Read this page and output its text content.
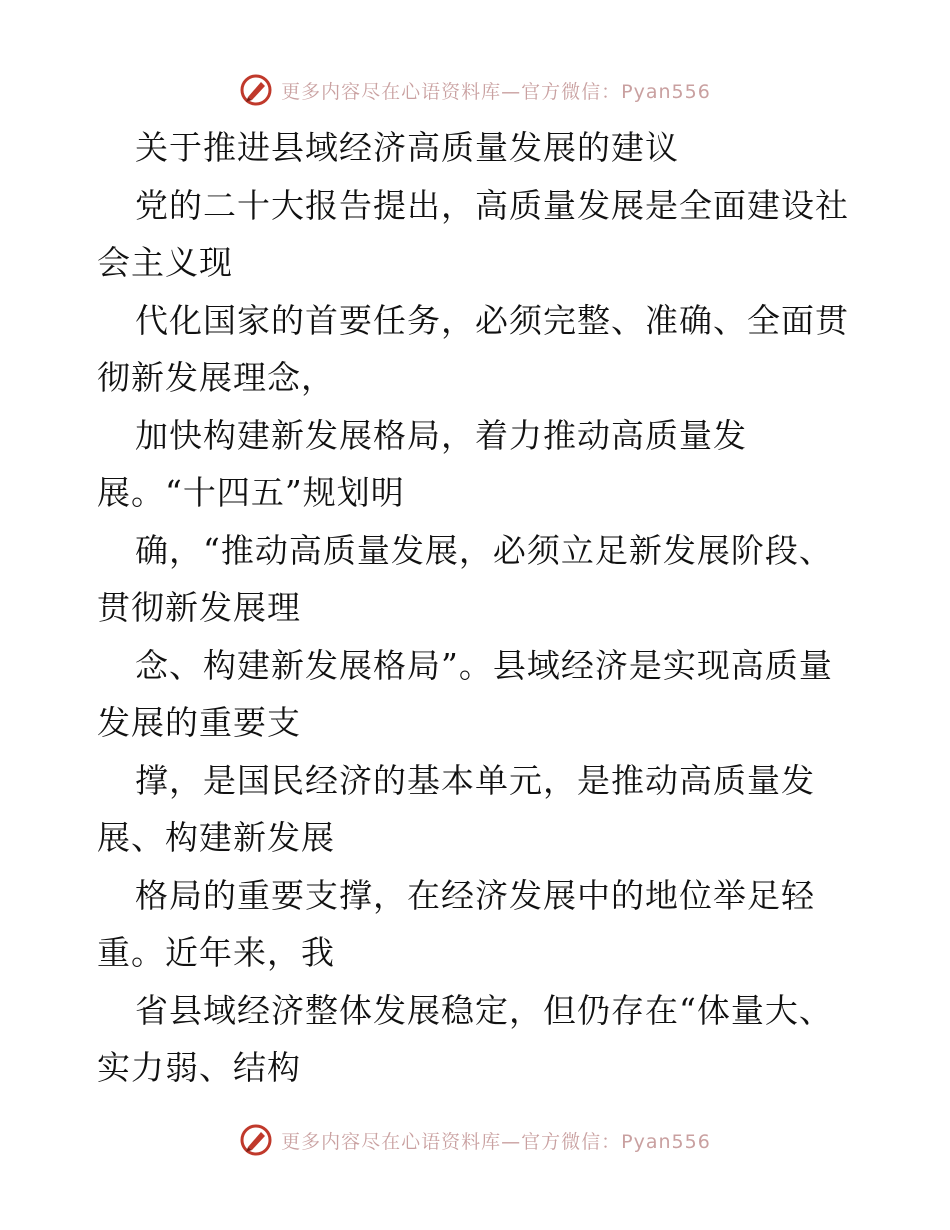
更多内容尽在心语资料库—官方微信：Pyan556
关于推进县域经济高质量发展的建议
党的二十大报告提出，高质量发展是全面建设社
会主义现
代化国家的首要任务，必须完整、准确、全面贯
彻新发展理念，
加快构建新发展格局，着力推动高质量发
展。“十四五”规划明
确，“推动高质量发展，必须立足新发展阶段、
贯彻新发展理
念、构建新发展格局”。县域经济是实现高质量
发展的重要支
撑，是国民经济的基本单元，是推动高质量发
展、构建新发展
格局的重要支撑，在经济发展中的地位举足轻
重。近年来，我
省县域经济整体发展稳定，但仍存在“体量大、
实力弱、结构
更多内容尽在心语资料库—官方微信：Pyan556
